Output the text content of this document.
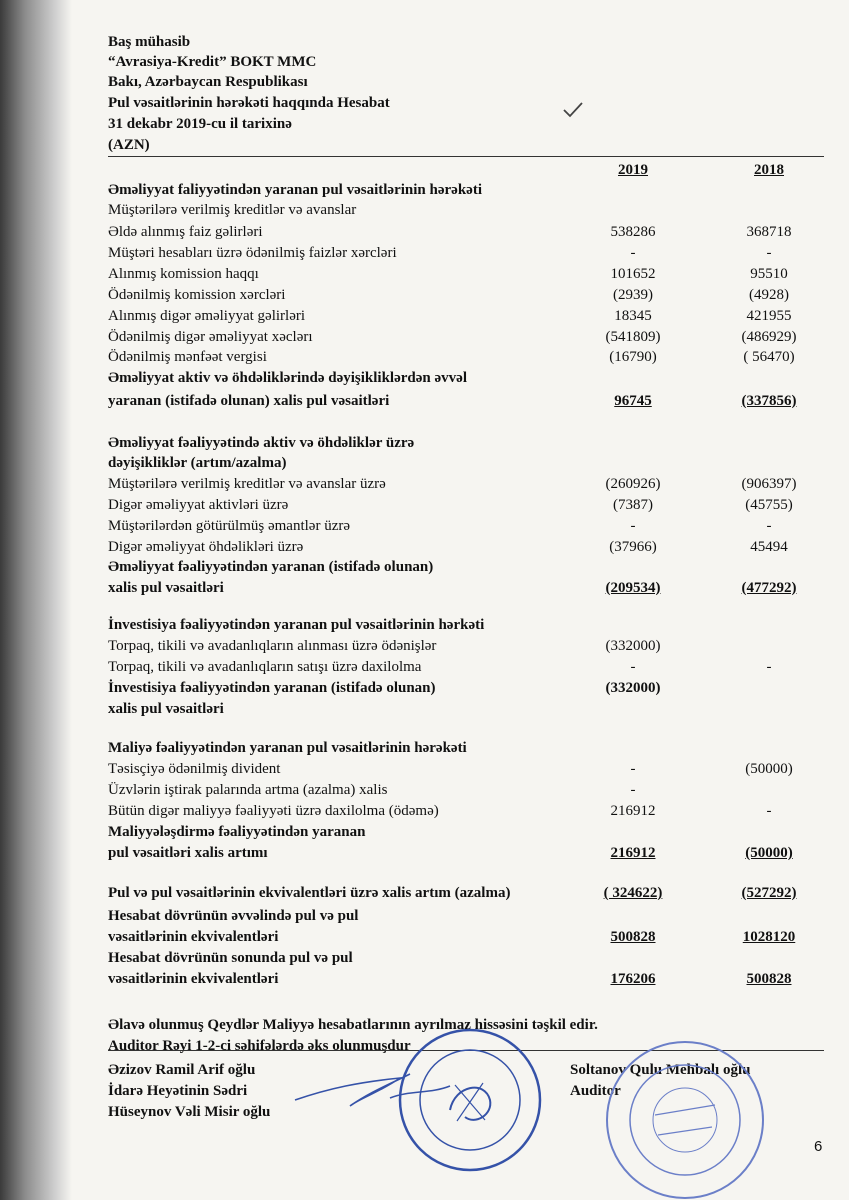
Baş mühasib
“Avrasiya-Kredit” BOKT MMC
Bakı, Azərbaycan Respublikası
Pul vəsaitlərinin hərəkəti haqqında Hesabat
31 dekabr 2019-cu il tarixinə
(AZN)
2019	2018
Əməliyyat faliyyətindən yaranan pul vəsaitlərinin hərəkəti
Müştərilərə verilmiş kreditlər və avanslar
Əldə alınmış faiz gəlirləri	538286	368718
Müştəri hesabları üzrə ödənilmiş faizlər xərcləri	-	-
Alınmış komission haqqı	101652	95510
Ödənilmiş komission xərcləri	(2939)	(4928)
Alınmış digər əməliyyat gəlirləri	18345	421955
Ödənilmiş digər əməliyyat xəclərı	(541809)	(486929)
Ödənilmiş mənfəət vergisi	(16790)	( 56470)
Əməliyyat aktiv və öhdəliklərində dəyişikliklərdən əvvəl
yaranan (istifadə olunan) xalis pul vəsaitləri	96745	(337856)
Əməliyyat fəaliyyətində aktiv və öhdəliklər üzrə
dəyişikliklər (artım/azalma)
Müştərilərə verilmiş kreditlər və avanslar üzrə	(260926)	(906397)
Digər əməliyyat aktivləri üzrə	(7387)	(45755)
Müştərilərdən götürülmüş əmantlər üzrə	-	-
Digər əməliyyat öhdəlikləri üzrə	(37966)	45494
Əməliyyat fəaliyyətindən yaranan (istifadə olunan)
xalis pul vəsaitləri	(209534)	(477292)
İnvestisiya fəaliyyətindən yaranan pul vəsaitlərinin hərkəti
Torpaq, tikili və avadanlıqların alınması üzrə ödənişlər	(332000)
Torpaq, tikili və avadanlıqların satışı üzrə daxilolma	-	-
İnvestisiya fəaliyyətindən yaranan (istifadə olunan)	(332000)
xalis pul vəsaitləri
Maliyə fəaliyyətindən yaranan pul vəsaitlərinin hərəkəti
Təsisçiyə ödənilmiş divident	-	(50000)
Üzvlərin iştirak palarında artma (azalma) xalis	-
Bütün digər maliyyə fəaliyyəti üzrə daxilolma (ödəmə)	216912	-
Maliyyələşdirmə fəaliyyətindən yaranan
pul vəsaitləri xalis artımı	216912	(50000)
Pul və pul vəsaitlərinin ekvivalentləri üzrə xalis artım (azalma)	( 324622)	(527292)
Hesabat dövrünün əvvəlində pul və pul
vəsaitlərinin ekvivalentləri	500828	1028120
Hesabat dövrünün sonunda pul və pul
vəsaitlərinin ekvivalentləri	176206	500828
Əlavə olunmuş Qeydlər Maliyyə hesabatlarının ayrılmaz hissəsini təşkil edir.
Auditor Rəyi 1-2-ci səhifələrdə əks olunmuşdur
Əzizov Ramil Arif oğlu	Soltanov Qulu Mehbalı oğlu
İdarə Heyətinin Sədri	Auditor
Hüseynov Vəli Misir oğlu
6
